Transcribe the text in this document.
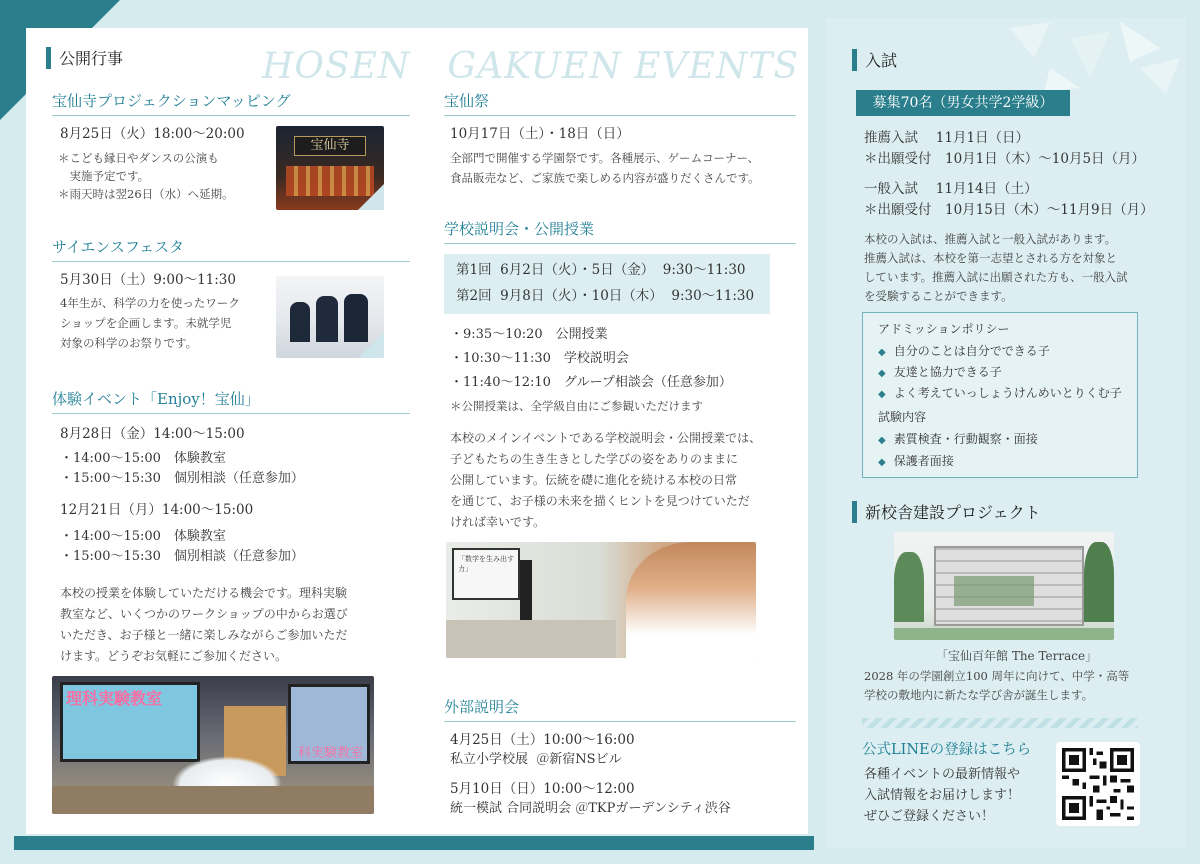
公開行事	HOSEN　GAKUEN EVENTS
宝仙寺プロジェクションマッピング
8月25日（火）18:00〜20:00
＊こども縁日やダンスの公演も
　実施予定です。
＊雨天時は翌26日（水）へ延期。
宝仙寺
サイエンスフェスタ
5月30日（土）9:00〜11:30
4年生が、科学の力を使ったワーク
ショップを企画します。未就学児
対象の科学のお祭りです。
体験イベント「Enjoy！宝仙」
8月28日（金）14:00〜15:00
・14:00〜15:00　体験教室
・15:00〜15:30　個別相談（任意参加）
12月21日（月）14:00〜15:00
・14:00〜15:00　体験教室
・15:00〜15:30　個別相談（任意参加）
本校の授業を体験していただける機会です。理科実験
教室など、いくつかのワークショップの中からお選び
いただき、お子様と一緒に楽しみながらご参加いただ
けます。どうぞお気軽にご参加ください。
理科実験教室
科実験教室
宝仙祭
10月17日（土）・18日（日）
全部門で開催する学園祭です。各種展示、ゲームコーナー、
食品販売など、ご家族で楽しめる内容が盛りだくさんです。
学校説明会・公開授業
第1回  6月2日（火）・5日（金）  9:30〜11:30
第2回  9月8日（火）・10日（木）  9:30〜11:30
・9:35〜10:20　公開授業
・10:30〜11:30　学校説明会
・11:40〜12:10　グループ相談会（任意参加）
＊公開授業は、全学級自由にご参観いただけます
本校のメインイベントである学校説明会・公開授業では、
子どもたちの生き生きとした学びの姿をありのままに
公開しています。伝統を礎に進化を続ける本校の日常
を通じて、お子様の未来を描くヒントを見つけていただ
ければ幸いです。
「数学を生み出す力」
外部説明会
4月25日（土）10:00〜16:00
私立小学校展  ＠新宿NSビル
5月10日（日）10:00〜12:00
統一模試 合同説明会 ＠TKPガーデンシティ渋谷
入試
募集70名（男女共学2学級）
推薦入試　 11月1日（日）
＊出願受付　10月1日（木）〜10月5日（月）
一般入試　 11月14日（土）
＊出願受付　10月15日（木）〜11月9日（月）
本校の入試は、推薦入試と一般入試があります。
推薦入試は、本校を第一志望とされる方を対象と
しています。推薦入試に出願された方も、一般入試
を受験することができます。
アドミッションポリシー
◆ 自分のことは自分でできる子
◆ 友達と協力できる子
◆ よく考えていっしょうけんめいとりくむ子
試験内容
◆ 素質検査・行動観察・面接
◆ 保護者面接
新校舎建設プロジェクト
「宝仙百年館 The Terrace」
2028 年の学園創立100 周年に向けて、中学・高等
学校の敷地内に新たな学び舎が誕生します。
公式LINEの登録はこちら
各種イベントの最新情報や
入試情報をお届けします！
ぜひご登録ください！
